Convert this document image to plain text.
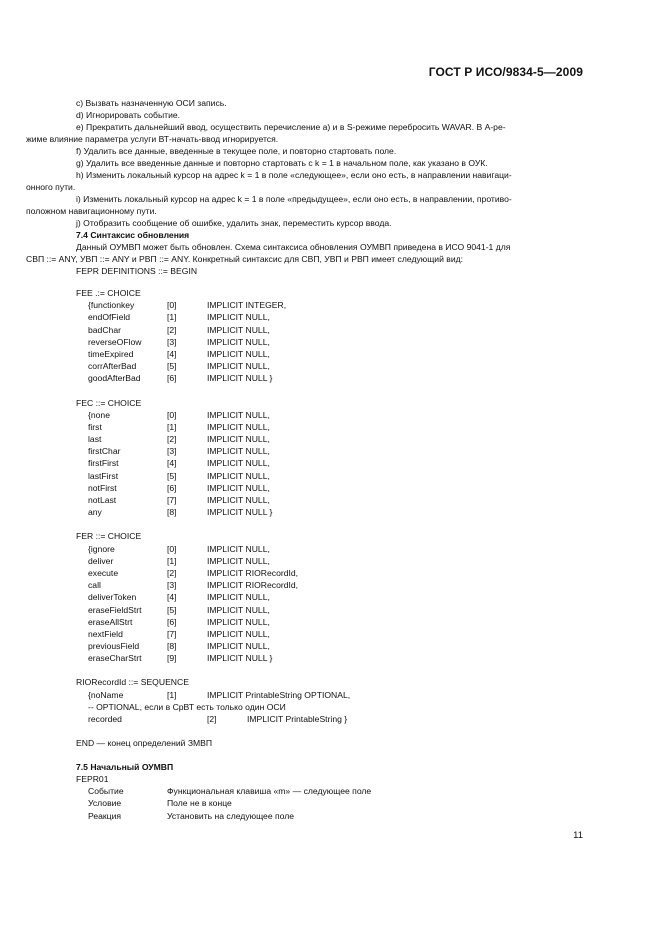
ГОСТ Р ИСО/9834-5—2009
c) Вызвать назначенную ОСИ запись.
d) Игнорировать событие.
e) Прекратить дальнейший ввод, осуществить перечисление a) и в S-режиме перебросить WAVAR. В А-ре-
жиме влияние параметра услуги ВТ-начать-ввод игнорируется.
f) Удалить все данные, введенные в текущее поле, и повторно стартовать поле.
g) Удалить все введенные данные и повторно стартовать с k = 1 в начальном поле, как указано в ОУК.
h) Изменить локальный курсор на адрес k = 1 в поле «следующее», если оно есть, в направлении навигаци-
онного пути.
i) Изменить локальный курсор на адрес k = 1 в поле «предыдущее», если оно есть, в направлении, противо-
положном навигационному пути.
j) Отобразить сообщение об ошибке, удалить знак, переместить курсор ввода.
7.4 Синтаксис обновления
Данный ОУМВП может быть обновлен. Схема синтаксиса обновления ОУМВП приведена в ИСО 9041-1 для
СВП ::= ANY, УВП ::= ANY и РВП ::= ANY. Конкретный синтаксис для СВП, УВП и РВП имеет следующий вид:
FEPR DEFINITIONS ::= BEGIN
FEE .:= CHOICE
{functionkey	[0]	IMPLICIT INTEGER,
endOfField	[1]	IMPLICIT NULL,
badChar	[2]	IMPLICIT NULL,
reverseOFlow	[3]	IMPLICIT NULL,
timeExpired	[4]	IMPLICIT NULL,
corrAfterBad	[5]	IMPLICIT NULL,
goodAfterBad	[6]	IMPLICIT NULL }
FEC ::= CHOICE
{none	[0]	IMPLICIT NULL,
first	[1]	IMPLICIT NULL,
last	[2]	IMPLICIT NULL,
firstChar	[3]	IMPLICIT NULL,
firstFirst	[4]	IMPLICIT NULL,
lastFirst	[5]	IMPLICIT NULL,
notFirst	[6]	IMPLICIT NULL,
notLast	[7]	IMPLICIT NULL,
any	[8]	IMPLICIT NULL }
FER ::= CHOICE
{ignore	[0]	IMPLICIT NULL,
deliver	[1]	IMPLICIT NULL,
execute	[2]	IMPLICIT RIORecordId,
call	[3]	IMPLICIT RIORecordId,
deliverToken	[4]	IMPLICIT NULL,
eraseFieldStrt	[5]	IMPLICIT NULL,
eraseAllStrt	[6]	IMPLICIT NULL,
nextField	[7]	IMPLICIT NULL,
previousField	[8]	IMPLICIT NULL,
eraseCharStrt	[9]	IMPLICIT NULL }
RIORecordId ::= SEQUENCE
{noName	[1]	IMPLICIT PrintableString OPTIONAL,
-- OPTIONAL, если в СрВТ есть только один ОСИ
recorded	[2]	IMPLICIT PrintableString }
END — конец определений ЗМВП
7.5 Начальный ОУМВП
FEPR01
Событие	Функциональная клавиша «m» — следующее поле
Условие	Поле не в конце
Реакция	Установить на следующее поле
11
